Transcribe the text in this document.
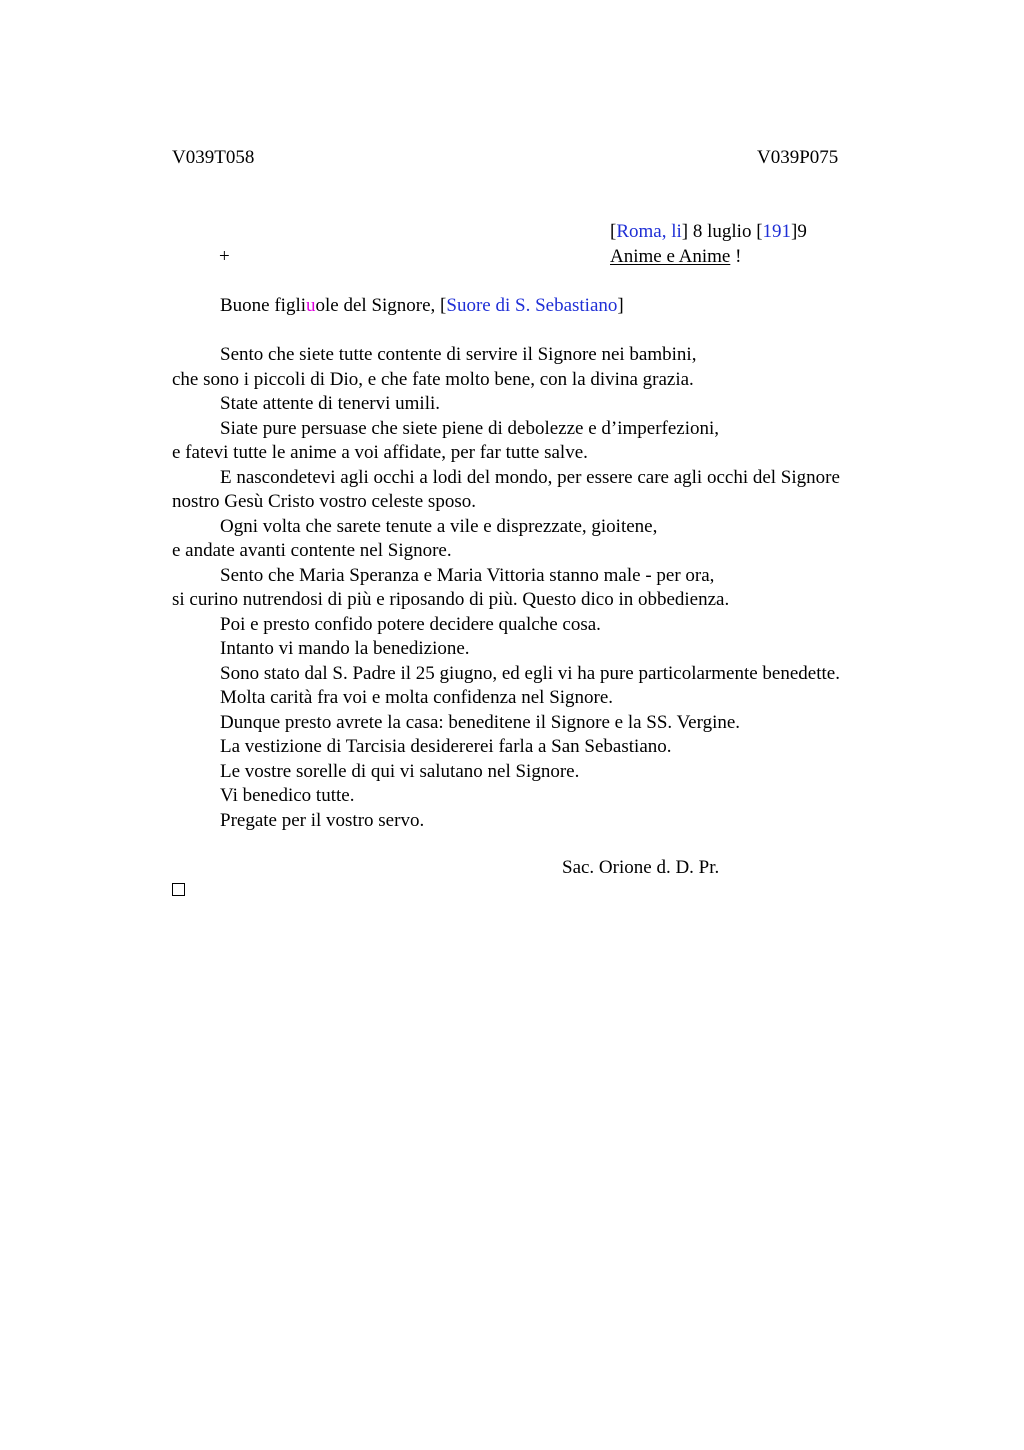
V039T058	V039P075
[Roma, li] 8 luglio [191]9
+	Anime e Anime !
Buone figliuole del Signore, [Suore di S. Sebastiano]
Sento che siete tutte contente di servire il Signore nei bambini,
che sono i piccoli di Dio, e che fate molto bene, con la divina grazia.
State attente di tenervi umili.
Siate pure persuase che siete piene di debolezze e d’imperfezioni,
e fatevi tutte le anime a voi affidate, per far tutte salve.
E nascondetevi agli occhi a lodi del mondo, per essere care agli occhi del Signore
nostro Gesù Cristo vostro celeste sposo.
Ogni volta che sarete tenute a vile e disprezzate, gioitene,
e andate avanti contente nel Signore.
Sento che Maria Speranza e Maria Vittoria stanno male - per ora,
si curino nutrendosi di più e riposando di più. Questo dico in obbedienza.
Poi e presto confido potere decidere qualche cosa.
Intanto vi mando la benedizione.
Sono stato dal S. Padre il 25 giugno, ed egli vi ha pure particolarmente benedette.
Molta carità fra voi e molta confidenza nel Signore.
Dunque presto avrete la casa: beneditene il Signore e la SS. Vergine.
La vestizione di Tarcisia desidererei farla a San Sebastiano.
Le vostre sorelle di qui vi salutano nel Signore.
Vi benedico tutte.
Pregate per il vostro servo.
Sac. Orione d. D. Pr.
